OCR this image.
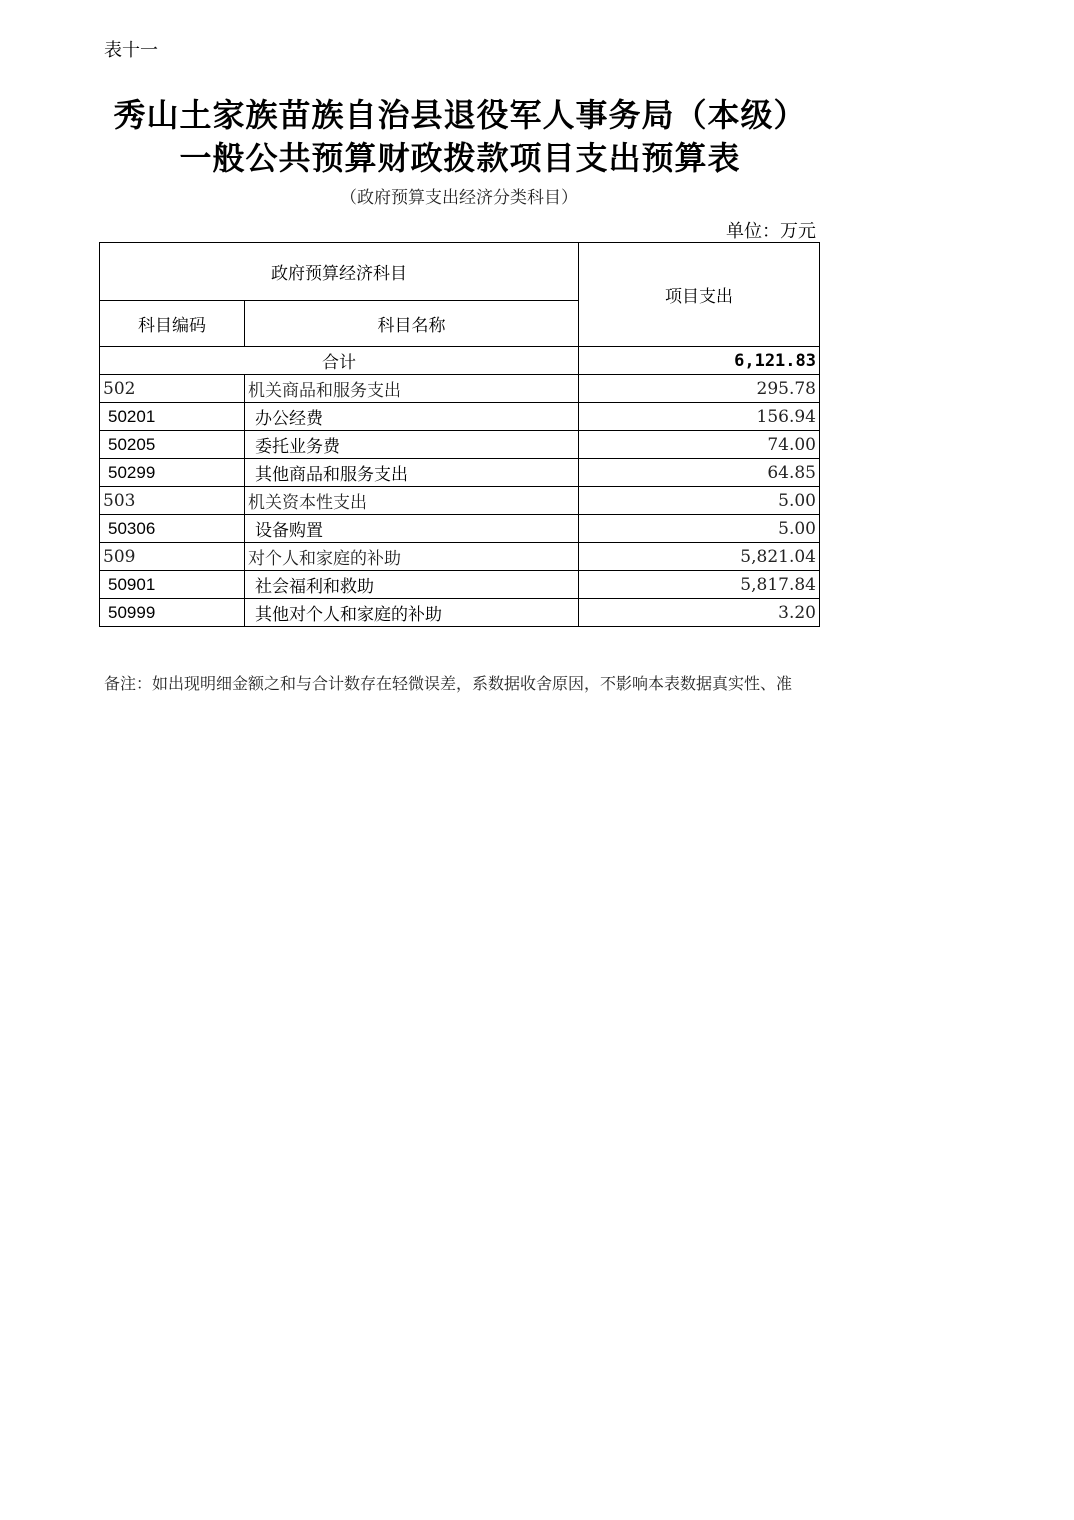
表十一
秀山土家族苗族自治县退役军人事务局（本级）
一般公共预算财政拨款项目支出预算表
（政府预算支出经济分类科目）
单位：万元
政府预算经济科目		项目支出
科目编码	科目名称	
合计		6,121.83
502	机关商品和服务支出	295.78
50201	办公经费	156.94
50205	委托业务费	74.00
50299	其他商品和服务支出	64.85
503	机关资本性支出	5.00
50306	设备购置	5.00
509	对个人和家庭的补助	5,821.04
50901	社会福利和救助	5,817.84
50999	其他对个人和家庭的补助	3.20
备注：如出现明细金额之和与合计数存在轻微误差，系数据收舍原因，不影响本表数据真实性、准
